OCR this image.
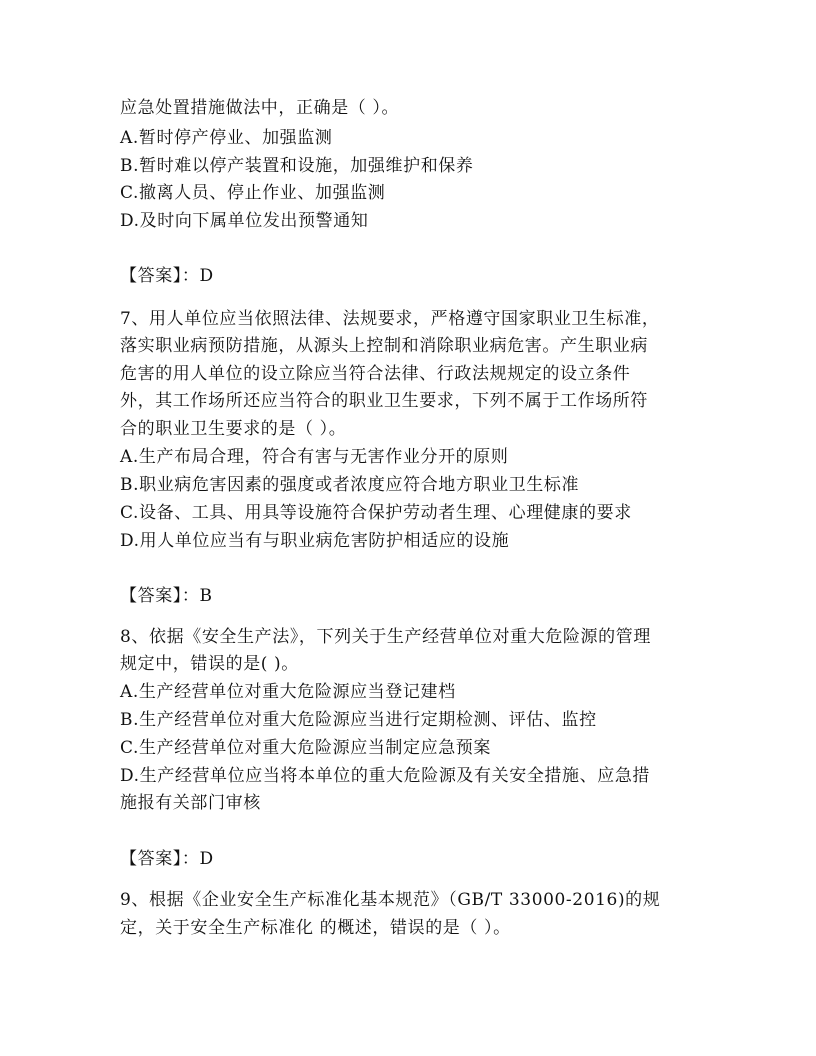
应急处置措施做法中，正确是（ ）。
A.暂时停产停业、加强监测
B.暂时难以停产装置和设施，加强维护和保养
C.撤离人员、停止作业、加强监测
D.及时向下属单位发出预警通知
【答案】：D
7、用人单位应当依照法律、法规要求，严格遵守国家职业卫生标准，
落实职业病预防措施，从源头上控制和消除职业病危害。产生职业病
危害的用人单位的设立除应当符合法律、行政法规规定的设立条件
外，其工作场所还应当符合的职业卫生要求，下列不属于工作场所符
合的职业卫生要求的是（ ）。
A.生产布局合理，符合有害与无害作业分开的原则
B.职业病危害因素的强度或者浓度应符合地方职业卫生标准
C.设备、工具、用具等设施符合保护劳动者生理、心理健康的要求
D.用人单位应当有与职业病危害防护相适应的设施
【答案】：B
8、依据《安全生产法》，下列关于生产经营单位对重大危险源的管理
规定中，错误的是( )。
A.生产经营单位对重大危险源应当登记建档
B.生产经营单位对重大危险源应当进行定期检测、评估、监控
C.生产经营单位对重大危险源应当制定应急预案
D.生产经营单位应当将本单位的重大危险源及有关安全措施、应急措
施报有关部门审核
【答案】：D
9、根据《企业安全生产标准化基本规范》（GB/T 33000-2016)的规
定，关于安全生产标准化 的概述，错误的是（ ）。
